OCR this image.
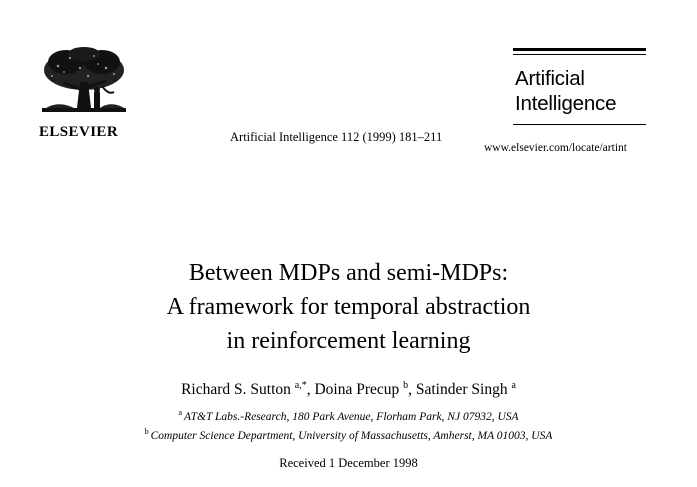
ELSEVIER	Artificial Intelligence 112 (1999) 181–211
Artificial
Intelligence
www.elsevier.com/locate/artint
Between MDPs and semi-MDPs:
A framework for temporal abstraction
in reinforcement learning
Richard S. Sutton $^{a,*}$, Doina Precup $^b$, Satinder Singh $^a$
$^a$ AT&T Labs.-Research, 180 Park Avenue, Florham Park, NJ 07932, USA
$^b$ Computer Science Department, University of Massachusetts, Amherst, MA 01003, USA
Received 1 December 1998
